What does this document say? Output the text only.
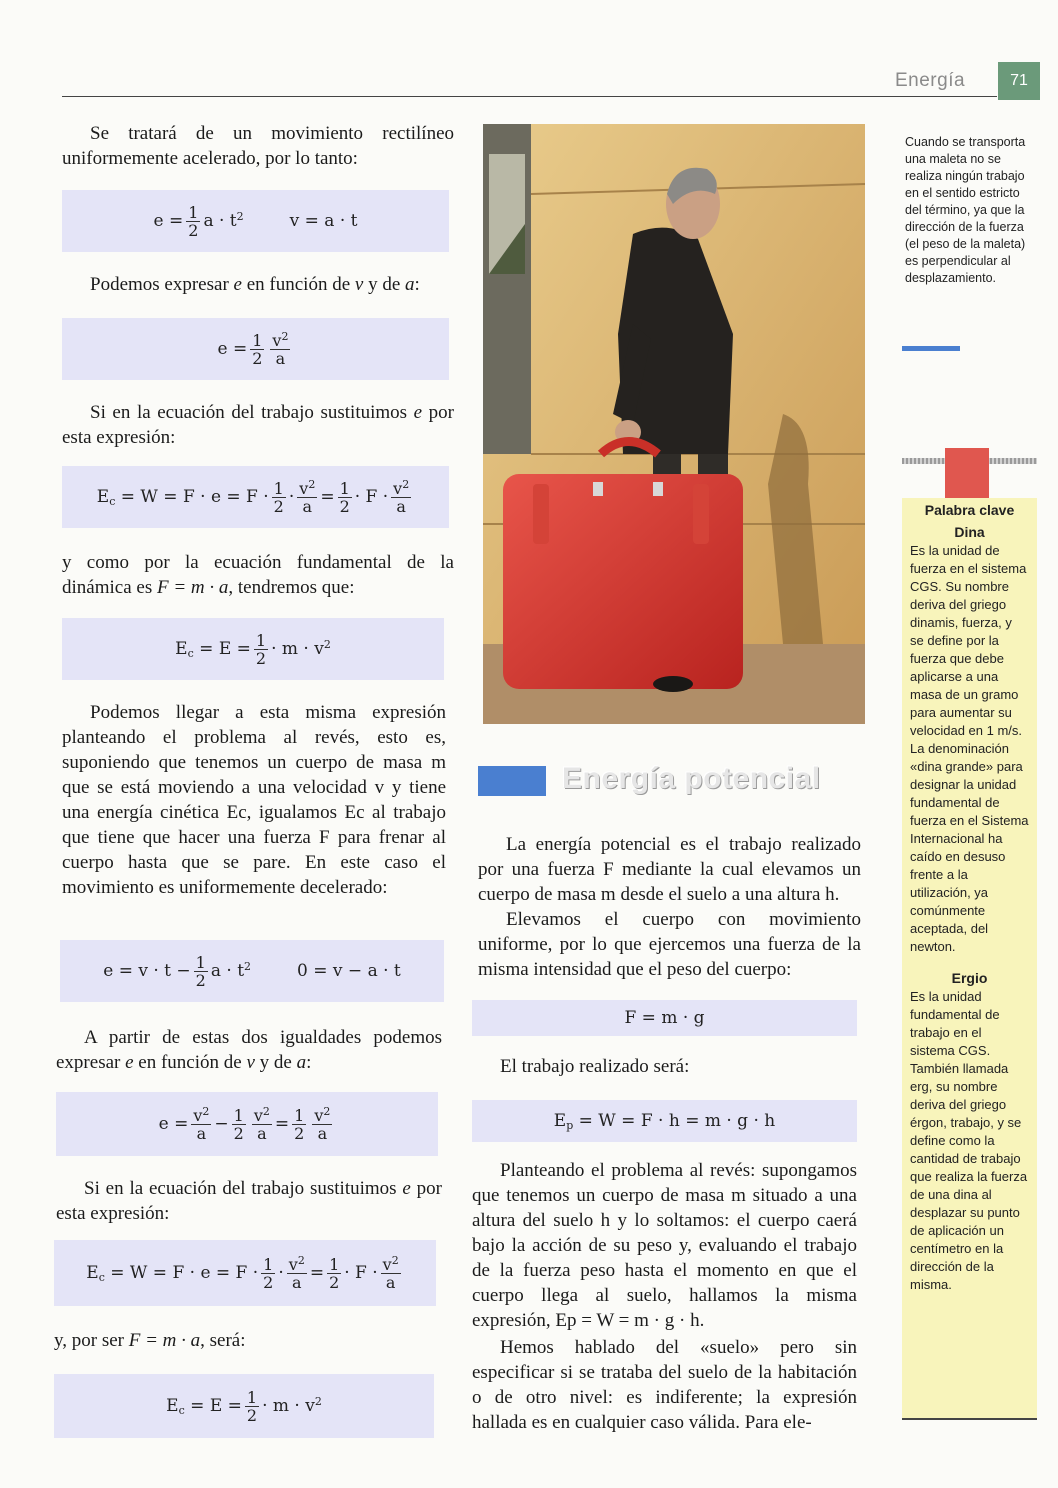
Energía	71

Se tratará de un movimiento rectilíneo uniformemente acelerado, por lo tanto:

$e = \frac{1}{2}$ $a \cdot t^2$	v = a · t

Podemos expresar e en función de v y de a:

$e = \frac{1}{2} \frac{v^2}{a}$

Si en la ecuación del trabajo sustituimos e por esta expresión:

$E_c = W = F \cdot e = F \cdot \frac{1}{2} \cdot \frac{v^2}{a} = \frac{1}{2} \cdot F \cdot \frac{v^2}{a}$

y como por la ecuación fundamental de la dinámica es F = m · a, tendremos que:

$E_c = E = \frac{1}{2} \cdot m \cdot v^2$

Podemos llegar a esta misma expresión planteando el problema al revés, esto es, suponiendo que tenemos un cuerpo de masa m que se está moviendo a una velocidad v y tiene una energía cinética Ec, igualamos Ec al trabajo que tiene que hacer una fuerza F para frenar al cuerpo hasta que se pare. En este caso el movimiento es uniformemente decelerado:

$e = v \cdot t - \frac{1}{2}$ $a \cdot t^2$	0 = v − a · t

A partir de estas dos igualdades podemos expresar e en función de v y de a:

$e = \frac{v^2}{a} - \frac{1}{2} \frac{v^2}{a} = \frac{1}{2} \frac{v^2}{a}$

Si en la ecuación del trabajo sustituimos e por esta expresión:

$E_c = W = F \cdot e = F \cdot \frac{1}{2} \cdot \frac{v^2}{a} = \frac{1}{2} \cdot F \cdot \frac{v^2}{a}$

y, por ser F = m · a, será:

$E_c = E = \frac{1}{2} \cdot m \cdot v^2$
Energía potencial

La energía potencial es el trabajo realizado por una fuerza F mediante la cual elevamos un cuerpo de masa m desde el suelo a una altura h.

Elevamos el cuerpo con movimiento uniforme, por lo que ejercemos una fuerza de la misma intensidad que el peso del cuerpo:

F = m · g

El trabajo realizado será:

$E_p = W = F \cdot h = m \cdot g \cdot h$

Planteando el problema al revés: supongamos que tenemos un cuerpo de masa m situado a una altura del suelo h y lo soltamos: el cuerpo caerá bajo la acción de su peso y, evaluando el trabajo de la fuerza peso hasta el momento en que el cuerpo llega al suelo, hallamos la misma expresión, Ep = W = m · g · h.

Hemos hablado del «suelo» pero sin especificar si se trataba del suelo de la habitación o de otro nivel: es indiferente; la expresión hallada es en cualquier caso válida. Para ele-

Cuando se transporta una maleta no se realiza ningún trabajo en el sentido estricto del término, ya que la dirección de la fuerza (el peso de la maleta) es perpendicular al desplazamiento.
Palabra clave
Dina
Es la unidad de fuerza en el sistema CGS. Su nombre deriva del griego dinamis, fuerza, y se define por la fuerza que debe aplicarse a una masa de un gramo para aumentar su velocidad en 1 m/s. La denominación «dina grande» para designar la unidad fundamental de fuerza en el Sistema Internacional ha caído en desuso frente a la utilización, ya comúnmente aceptada, del newton.
Ergio
Es la unidad fundamental de trabajo en el sistema CGS. También llamada erg, su nombre deriva del griego érgon, trabajo, y se define como la cantidad de trabajo que realiza la fuerza de una dina al desplazar su punto de aplicación un centímetro en la dirección de la misma.
